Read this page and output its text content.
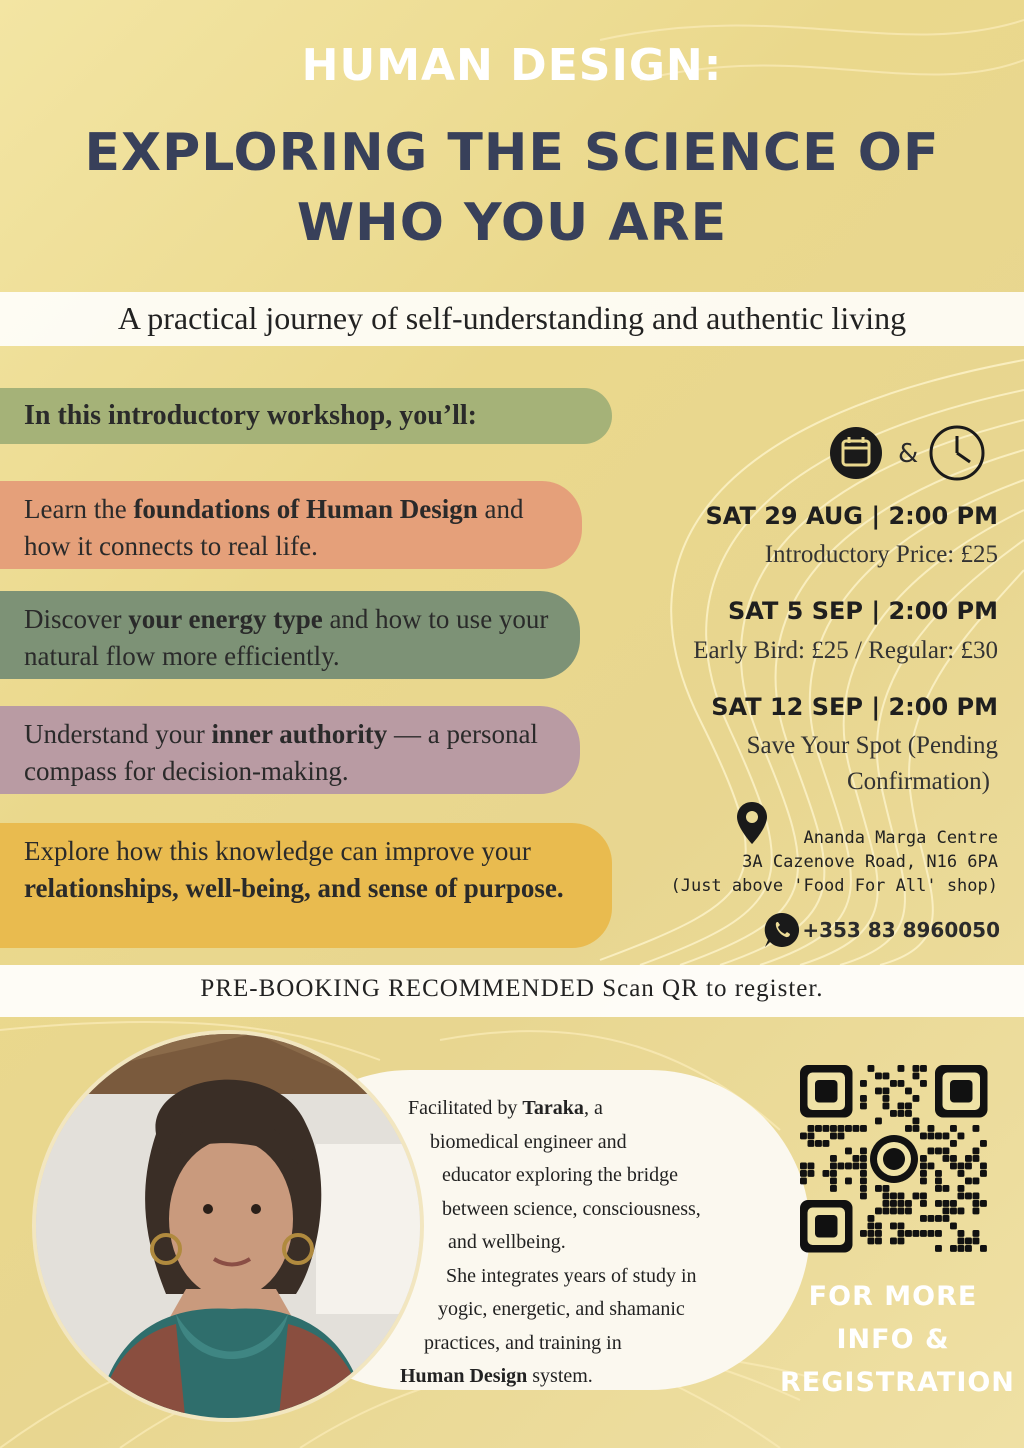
HUMAN DESIGN:
EXPLORING THE SCIENCE OF
WHO YOU ARE
A practical journey of self-understanding and authentic living
In this introductory workshop, you’ll:
Learn the foundations of Human Design and how it connects to real life.
Discover your energy type and how to use your natural flow more efficiently.
Understand your inner authority — a personal compass for decision-making.
Explore how this knowledge can improve your relationships, well-being, and sense of purpose.
&
SAT 29 AUG | 2:00 PM
Introductory Price: £25
SAT 5 SEP | 2:00 PM
Early Bird: £25 / Regular: £30
SAT 12 SEP | 2:00 PM
Save Your Spot (Pending
Confirmation)
Ananda Marga Centre
3A Cazenove Road, N16 6PA
(Just above 'Food For All' shop)
+353 83 8960050
PRE-BOOKING RECOMMENDED Scan QR to register.
Facilitated by Taraka, a
biomedical engineer and
educator exploring the bridge
between science, consciousness,
and wellbeing.
She integrates years of study in
yogic, energetic, and shamanic
practices, and training in
Human Design system.
FOR MORE
INFO &
REGISTRATION
